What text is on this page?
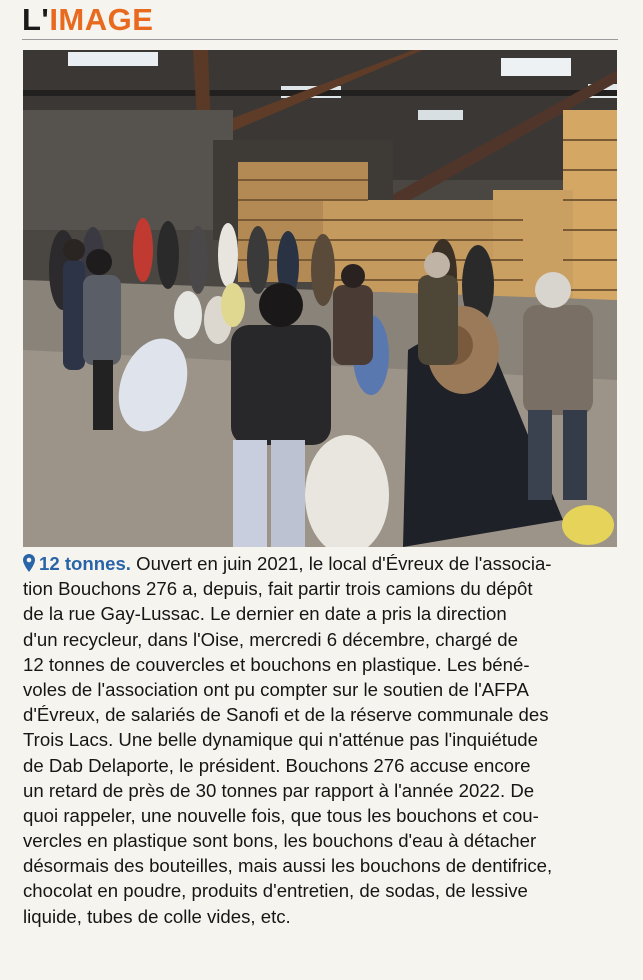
L'IMAGE
12 tonnes. Ouvert en juin 2021, le local d'Évreux de l'associa-
tion Bouchons 276 a, depuis, fait partir trois camions du dépôt
de la rue Gay-Lussac. Le dernier en date a pris la direction
d'un recycleur, dans l'Oise, mercredi 6 décembre, chargé de
12 tonnes de couvercles et bouchons en plastique. Les béné-
voles de l'association ont pu compter sur le soutien de l'AFPA
d'Évreux, de salariés de Sanofi et de la réserve communale des
Trois Lacs. Une belle dynamique qui n'atténue pas l'inquiétude
de Dab Delaporte, le président. Bouchons 276 accuse encore
un retard de près de 30 tonnes par rapport à l'année 2022. De
quoi rappeler, une nouvelle fois, que tous les bouchons et cou-
vercles en plastique sont bons, les bouchons d'eau à détacher
désormais des bouteilles, mais aussi les bouchons de dentifrice,
chocolat en poudre, produits d'entretien, de sodas, de lessive
liquide, tubes de colle vides, etc.
